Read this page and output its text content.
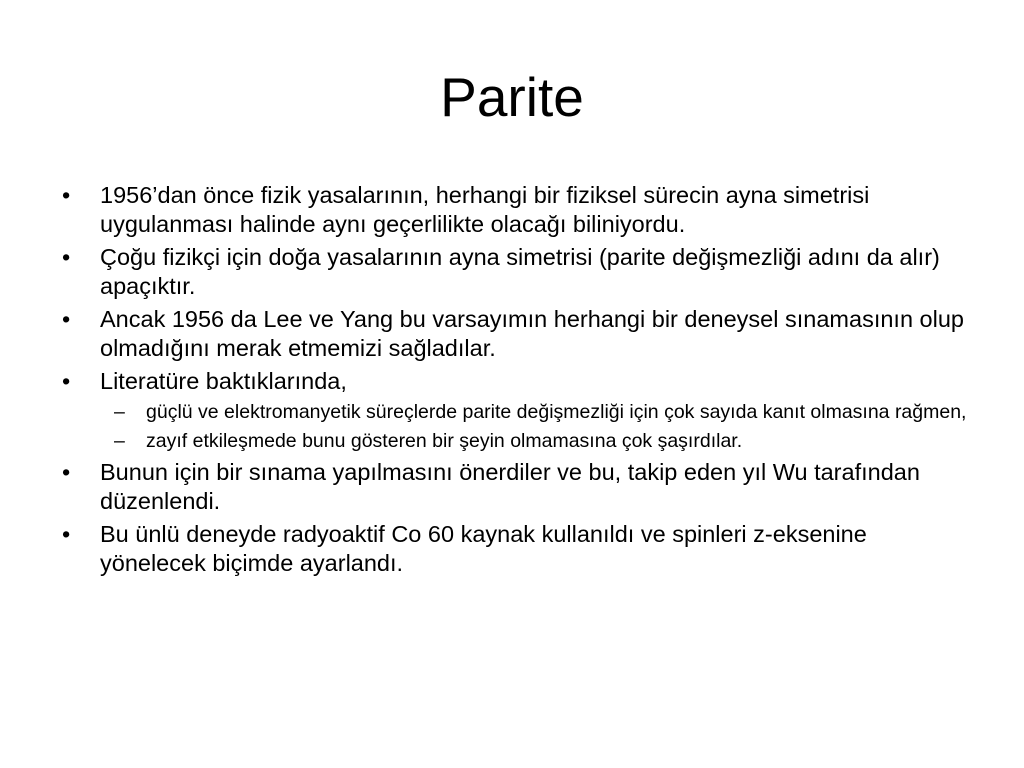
Parite
•	1956’dan önce fizik yasalarının, herhangi bir fiziksel sürecin ayna simetrisi uygulanması halinde aynı geçerlilikte olacağı biliniyordu.
•	Çoğu fizikçi için doğa yasalarının ayna simetrisi (parite değişmezliği adını da alır) apaçıktır.
•	Ancak 1956 da Lee ve Yang bu varsayımın herhangi bir deneysel sınamasının olup olmadığını merak etmemizi sağladılar.
•	Literatüre baktıklarında,
– güçlü ve elektromanyetik süreçlerde parite değişmezliği için çok sayıda kanıt olmasına rağmen,
– zayıf etkileşmede bunu gösteren bir şeyin olmamasına çok şaşırdılar.
•	Bunun için bir sınama yapılmasını önerdiler ve bu, takip eden yıl Wu tarafından düzenlendi.
•	Bu ünlü deneyde radyoaktif Co 60 kaynak kullanıldı ve spinleri z-eksenine yönelecek biçimde ayarlandı.
